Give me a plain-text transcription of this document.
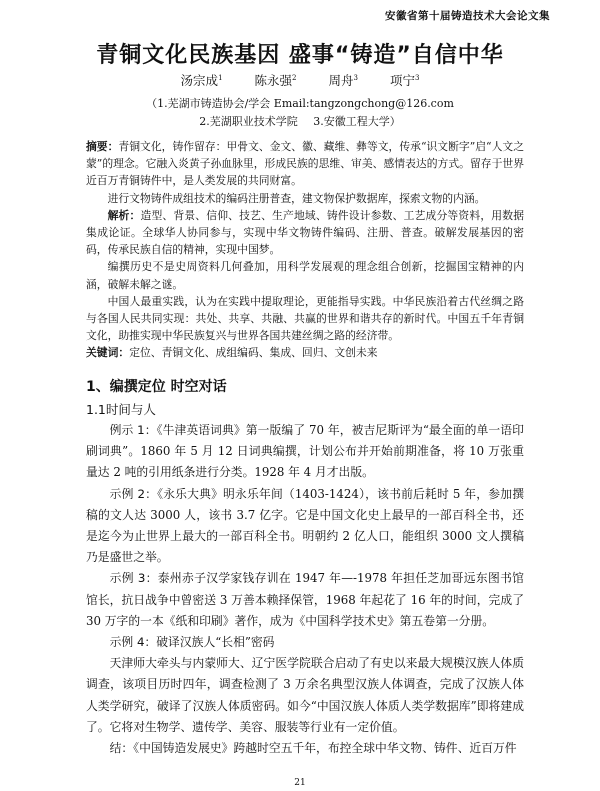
安徽省第十届铸造技术大会论文集
青铜文化民族基因 盛事“铸造”自信中华
汤宗成$^1$	陈永强$^2$	周舟$^3$	项宁$^3$
（1.芜湖市铸造协会/学会 Email:tangzongchong@126.com
2.芜湖职业技术学院 3.安徽工程大学）

摘要：青铜文化，铸作留存：甲骨文、金文、徽、藏维、彝等文，传承“识文断字”启“人文之蒙”的理念。它融入炎黄子孙血脉里，形成民族的思维、审美、感情表达的方式。留存于世界近百万青铜铸件中，是人类发展的共同财富。

进行文物铸件成组技术的编码注册普查，建文物保护数据库，探索文物的内涵。

解析：造型、背景、信仰、技艺、生产地域、铸件设计参数、工艺成分等资料，用数据集成论证。全球华人协同参与，实现中华文物铸件编码、注册、普查。破解发展基因的密码，传承民族自信的精神，实现中国梦。

编撰历史不是史周资料几何叠加，用科学发展观的理念组合创新，挖掘国宝精神的内涵，破解未解之谜。

中国人最重实践，认为在实践中提取理论，更能指导实践。中华民族沿着古代丝绸之路与各国人民共同实现：共处、共享、共融、共赢的世界和谐共存的新时代。中国五千年青铜文化，助推实现中华民族复兴与世界各国共建丝绸之路的经济带。

关键词：定位、青铜文化、成组编码、集成、回归、文创未来

1、编撰定位 时空对话
1.1时间与人

例示 1：《牛津英语词典》第一版编了 70 年，被吉尼斯评为“最全面的单一语印刷词典”。1860 年 5 月 12 日词典编撰，计划公布并开始前期准备，将 10 万张重量达 2 吨的引用纸条进行分类。1928 年 4 月才出版。

示例 2：《永乐大典》明永乐年间（1403-1424），该书前后耗时 5 年，参加撰稿的文人达 3000 人，该书 3.7 亿字。它是中国文化史上最早的一部百科全书，还是迄今为止世界上最大的一部百科全书。明朝约 2 亿人口，能组织 3000 文人撰稿乃是盛世之举。

示例 3：泰州赤子汉学家钱存训在 1947 年—-1978 年担任芝加哥远东图书馆馆长，抗日战争中曾密送 3 万善本赖择保管，1968 年起花了 16 年的时间，完成了 30 万字的一本《纸和印刷》著作，成为《中国科学技术史》第五卷第一分册。

示例 4：破译汉族人“长相”密码

天津师大牵头与内蒙师大、辽宁医学院联合启动了有史以来最大规模汉族人体质调查，该项目历时四年，调查检测了 3 万余名典型汉族人体调查，完成了汉族人体人类学研究，破译了汉族人体质密码。如今“中国汉族人体质人类学数据库”即将建成了。它将对生物学、遗传学、美容、服装等行业有一定价值。

结：《中国铸造发展史》跨越时空五千年，布控全球中华文物、铸件、近百万件

21
